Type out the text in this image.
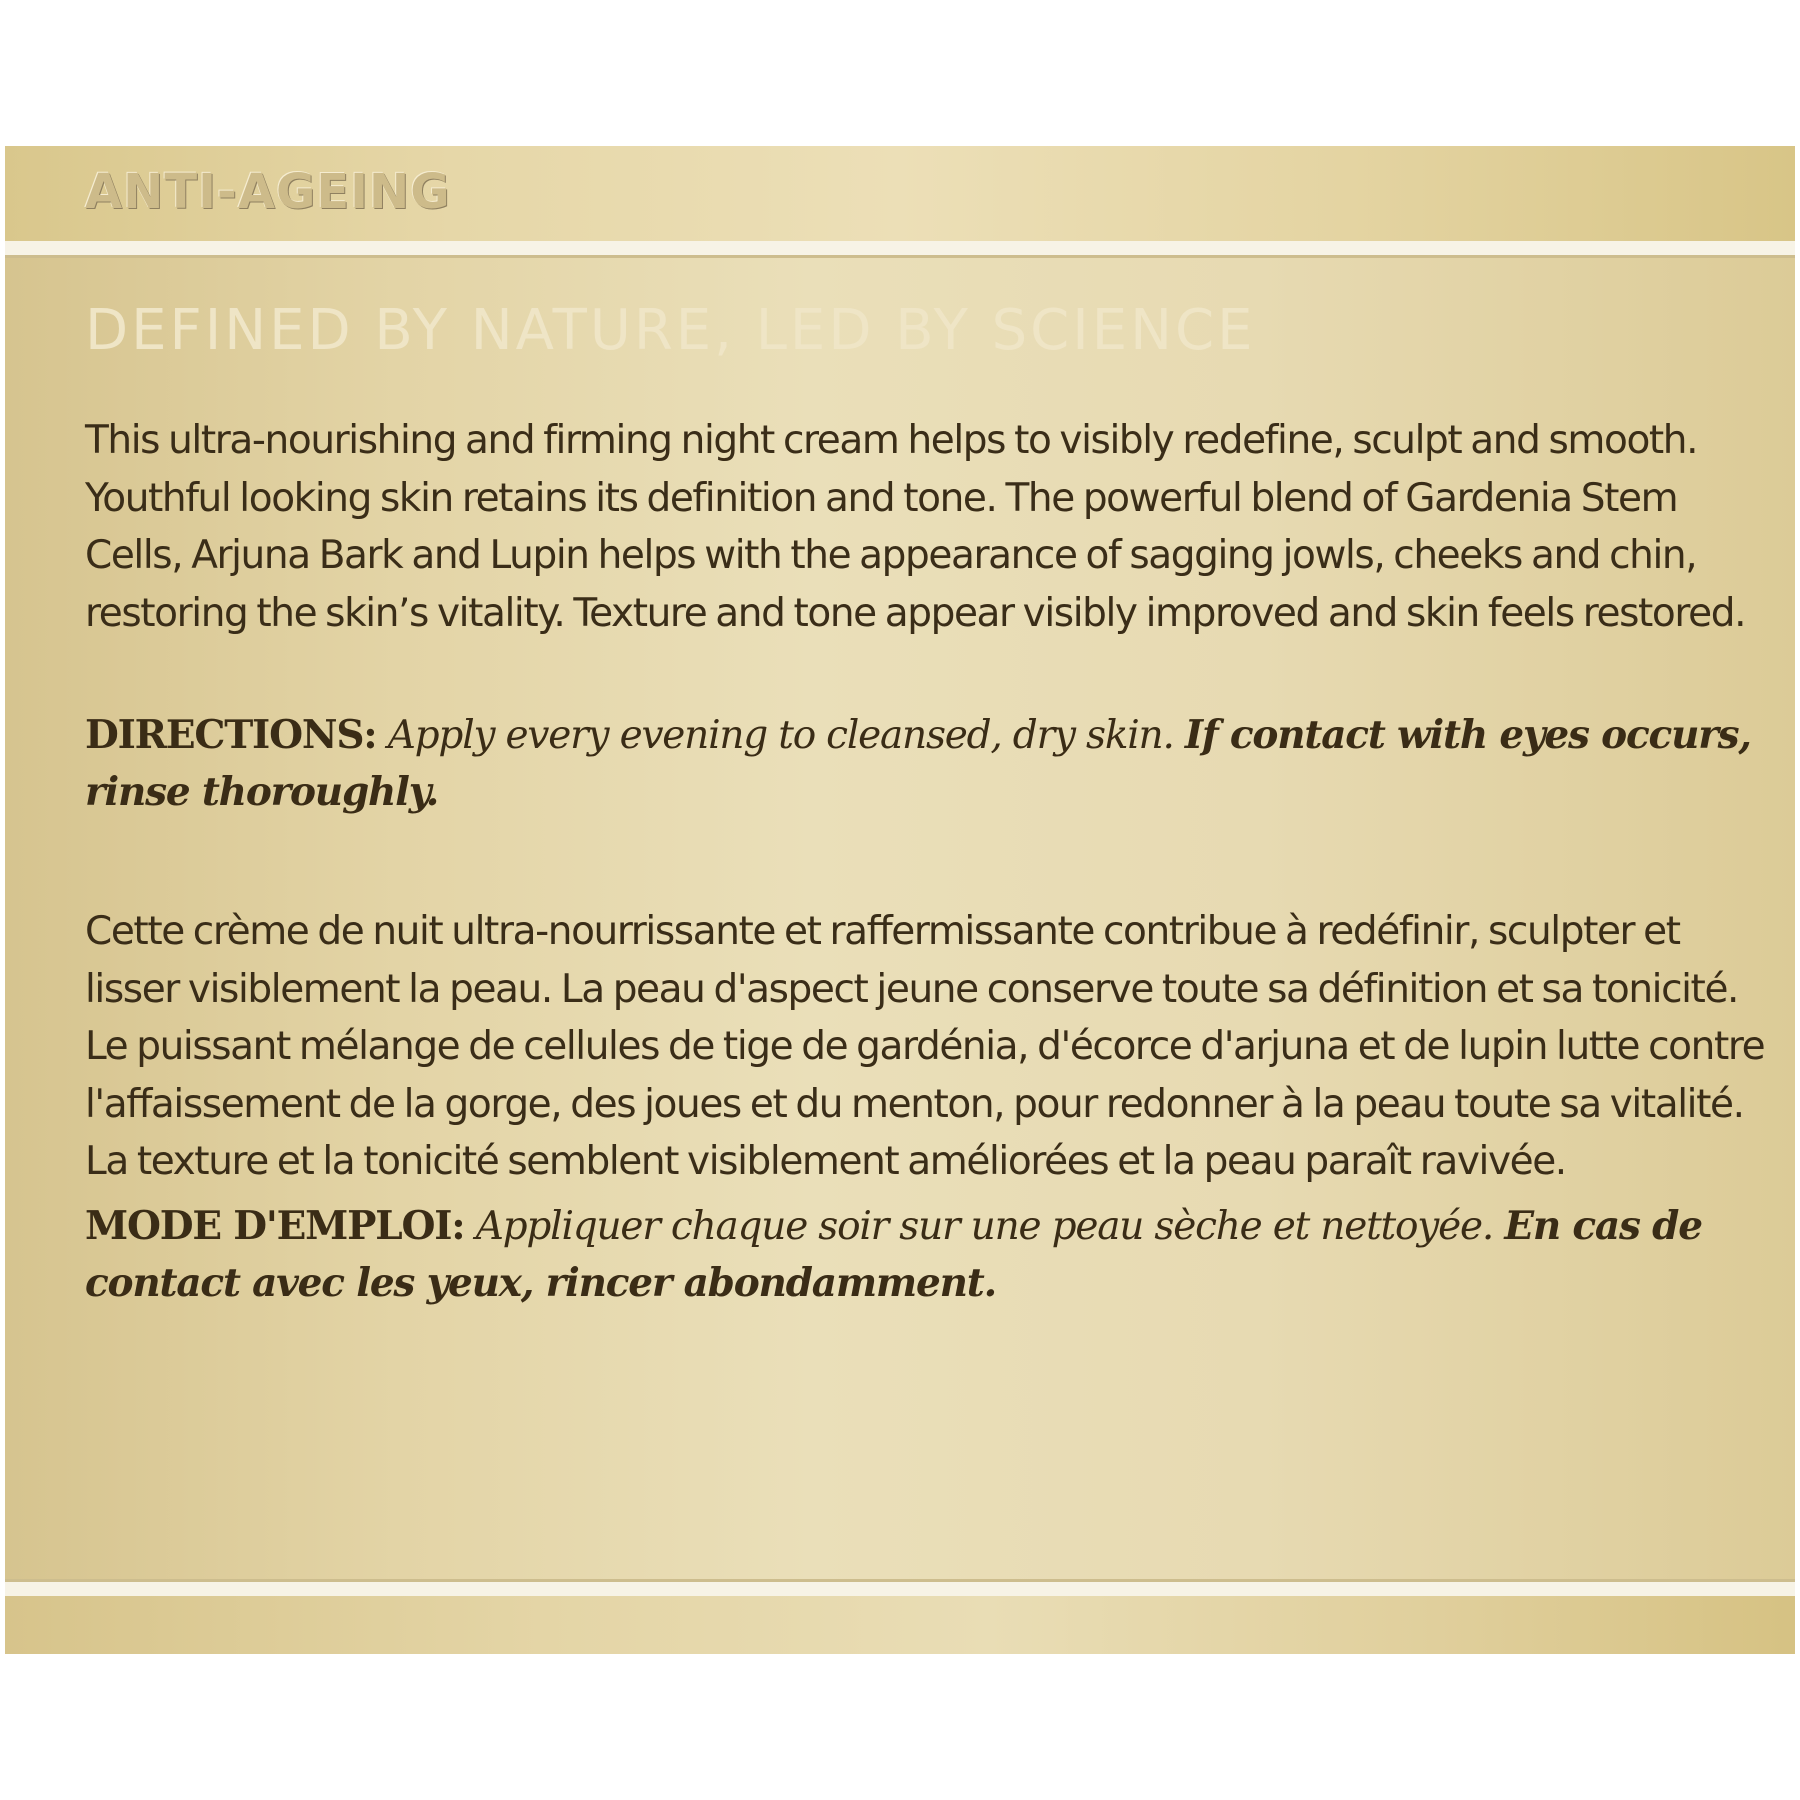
ANTI-AGEING
DEFINED BY NATURE, LED BY SCIENCE
This ultra-nourishing and firming night cream helps to visibly redefine, sculpt and smooth. Youthful looking skin retains its definition and tone. The powerful blend of Gardenia Stem Cells, Arjuna Bark and Lupin helps with the appearance of sagging jowls, cheeks and chin, restoring the skin’s vitality. Texture and tone appear visibly improved and skin feels restored.
DIRECTIONS: Apply every evening to cleansed, dry skin. If contact with eyes occurs, rinse thoroughly.
Cette crème de nuit ultra-nourrissante et raffermissante contribue à redéfinir, sculpter et lisser visiblement la peau. La peau d'aspect jeune conserve toute sa définition et sa tonicité. Le puissant mélange de cellules de tige de gardénia, d'écorce d'arjuna et de lupin lutte contre l'affaissement de la gorge, des joues et du menton, pour redonner à la peau toute sa vitalité. La texture et la tonicité semblent visiblement améliorées et la peau paraît ravivée.
MODE D'EMPLOI: Appliquer chaque soir sur une peau sèche et nettoyée. En cas de contact avec les yeux, rincer abondamment.
